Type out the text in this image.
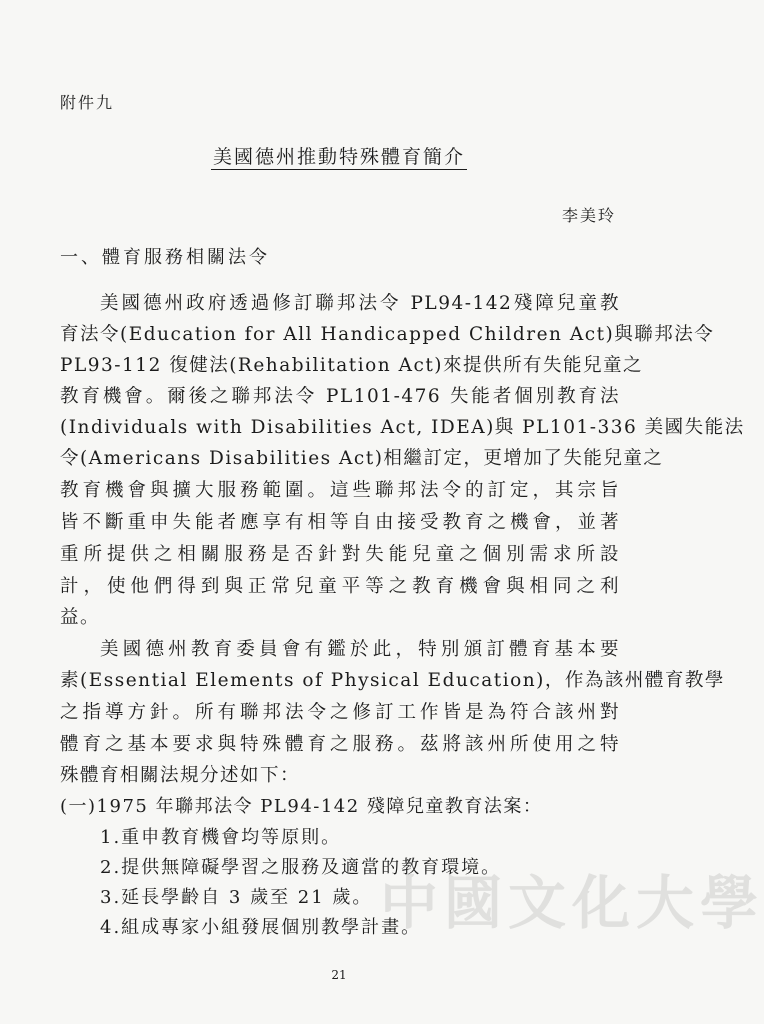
附件九
美國德州推動特殊體育簡介
李美玲
一、體育服務相關法令
美國德州政府透過修訂聯邦法令 PL94-142殘障兒童教
育法令(Education for All Handicapped Children Act)與聯邦法令
PL93-112 復健法(Rehabilitation Act)來提供所有失能兒童之
教育機會。爾後之聯邦法令 PL101-476 失能者個別教育法
(Individuals with Disabilities Act, IDEA)與 PL101-336 美國失能法
令(Americans Disabilities Act)相繼訂定，更增加了失能兒童之
教育機會與擴大服務範圍。這些聯邦法令的訂定，其宗旨
皆不斷重申失能者應享有相等自由接受教育之機會，並著
重所提供之相關服務是否針對失能兒童之個別需求所設
計，使他們得到與正常兒童平等之教育機會與相同之利
益。
美國德州教育委員會有鑑於此，特別頒訂體育基本要
素(Essential Elements of Physical Education)，作為該州體育教學
之指導方針。所有聯邦法令之修訂工作皆是為符合該州對
體育之基本要求與特殊體育之服務。茲將該州所使用之特
殊體育相關法規分述如下：
(一)1975 年聯邦法令 PL94-142 殘障兒童教育法案：
1.重申教育機會均等原則。
2.提供無障礙學習之服務及適當的教育環境。
3.延長學齡自 3 歲至 21 歲。
4.組成專家小組發展個別教學計畫。
中國文化大學
21
